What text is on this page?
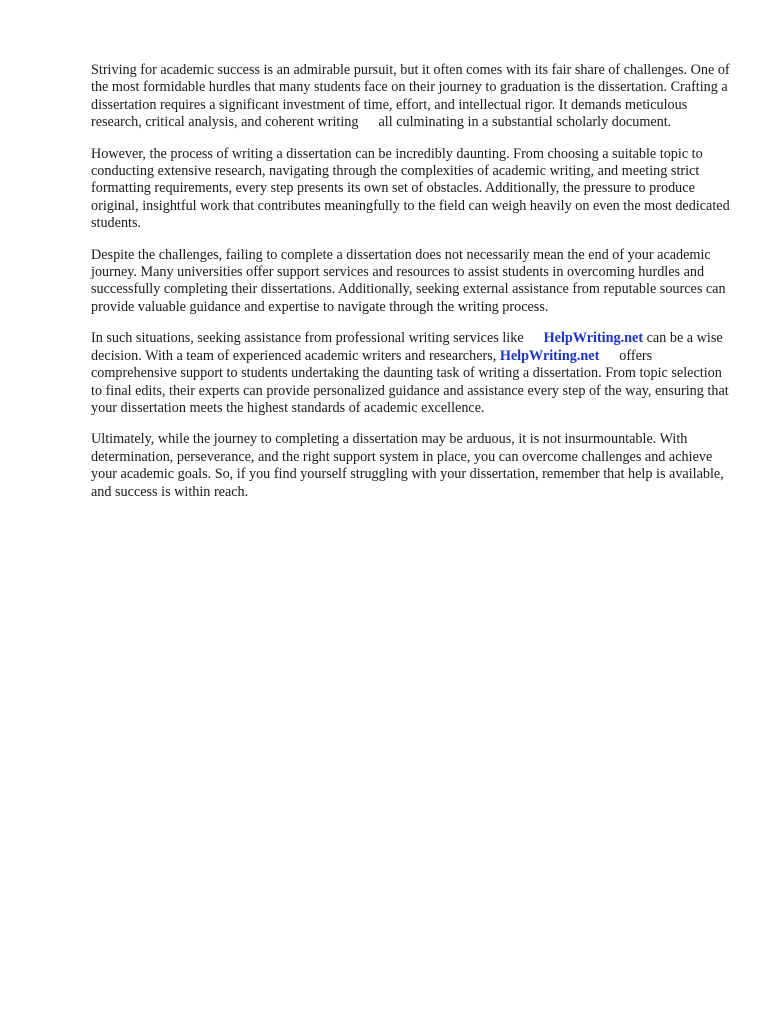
Striving for academic success is an admirable pursuit, but it often comes with its fair share of challenges. One of the most formidable hurdles that many students face on their journey to graduation is the dissertation. Crafting a dissertation requires a significant investment of time, effort, and intellectual rigor. It demands meticulous research, critical analysis, and coherent writing all culminating in a substantial scholarly document.

However, the process of writing a dissertation can be incredibly daunting. From choosing a suitable topic to conducting extensive research, navigating through the complexities of academic writing, and meeting strict formatting requirements, every step presents its own set of obstacles. Additionally, the pressure to produce original, insightful work that contributes meaningfully to the field can weigh heavily on even the most dedicated students.

Despite the challenges, failing to complete a dissertation does not necessarily mean the end of your academic journey. Many universities offer support services and resources to assist students in overcoming hurdles and successfully completing their dissertations. Additionally, seeking external assistance from reputable sources can provide valuable guidance and expertise to navigate through the writing process.

In such situations, seeking assistance from professional writing services like HelpWriting.net can be a wise decision. With a team of experienced academic writers and researchers, HelpWriting.net offers comprehensive support to students undertaking the daunting task of writing a dissertation. From topic selection to final edits, their experts can provide personalized guidance and assistance every step of the way, ensuring that your dissertation meets the highest standards of academic excellence.

Ultimately, while the journey to completing a dissertation may be arduous, it is not insurmountable. With determination, perseverance, and the right support system in place, you can overcome challenges and achieve your academic goals. So, if you find yourself struggling with your dissertation, remember that help is available, and success is within reach.
